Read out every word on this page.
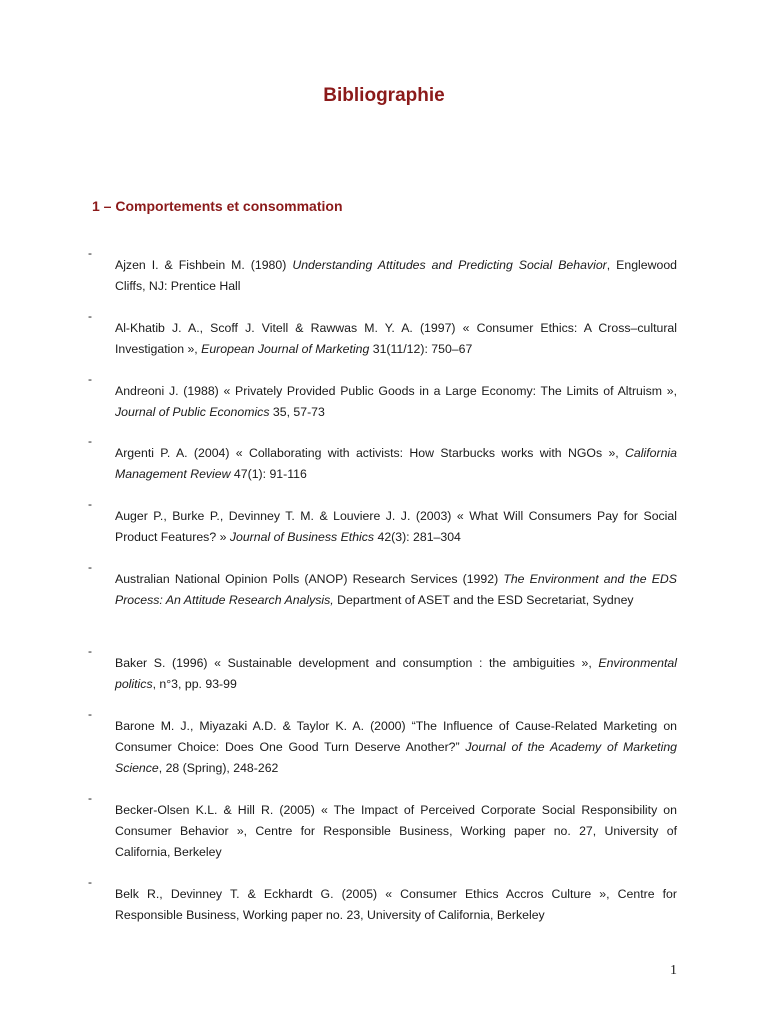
Bibliographie
1 – Comportements et consommation
-

Ajzen I. & Fishbein M. (1980) Understanding Attitudes and Predicting Social Behavior, Englewood Cliffs, NJ: Prentice Hall

-

Al-Khatib J. A., Scoff J. Vitell & Rawwas M. Y. A. (1997) « Consumer Ethics: A Cross–cultural Investigation », European Journal of Marketing 31(11/12): 750–67

-

Andreoni J. (1988) « Privately Provided Public Goods in a Large Economy: The Limits of Altruism », Journal of Public Economics 35, 57-73

-

Argenti P. A. (2004) « Collaborating with activists: How Starbucks works with NGOs », California Management Review 47(1): 91-116

-

Auger P., Burke P., Devinney T. M. & Louviere J. J. (2003) « What Will Consumers Pay for Social Product Features? » Journal of Business Ethics 42(3): 281–304

-

Australian National Opinion Polls (ANOP) Research Services (1992) The Environment and the EDS Process: An Attitude Research Analysis, Department of ASET and the ESD Secretariat, Sydney

-

Baker S. (1996) « Sustainable development and consumption : the ambiguities », Environmental politics, n°3, pp. 93-99

-

Barone M. J., Miyazaki A.D. & Taylor K. A. (2000) “The Influence of Cause-Related Marketing on Consumer Choice: Does One Good Turn Deserve Another?” Journal of the Academy of Marketing Science, 28 (Spring), 248-262

-

Becker-Olsen K.L. & Hill R. (2005) « The Impact of Perceived Corporate Social Responsibility on Consumer Behavior », Centre for Responsible Business, Working paper no. 27, University of California, Berkeley

-

Belk R., Devinney T. & Eckhardt G. (2005) « Consumer Ethics Accros Culture », Centre for Responsible Business, Working paper no. 23, University of California, Berkeley

1
